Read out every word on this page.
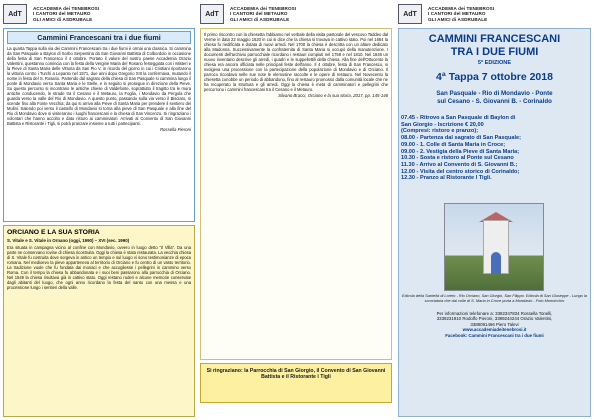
AdT
ACCADEMIA dei TENEBROSI
I CANTORI del METAURO
GLI AMICI di ASDRUBALE
Cammini Francescani tra i due fiumi
La quarta Tappa sulla via dei Cammini Francescani tra i due fiumi è ormai una classica. Si cammina da San Pasquale a Baylon di Sorbo Serpentina da San Giovanni Battista di Colbordolo in occasione della festa di San Francesco il 4 ottobre. Portato il valore del nostro paese Accademia Orazio Valentini, questanno comincia con la festa della Vergine Maria del Rosario festeggiata con i Misteri e la Pieve di Santa Maria delle Vittoria da San Pio V, in ricordo del giorno in cui i Cristiani riportarono la vittoria contro i Turchi a Lepanto nel 1571, due anni dopo Gregorio XIII la confermava, mutando il nome in festa del S. Rosario. Partendo dal sagrato della chiesa di San Pasquale si cammina lungo il ponte di Mondavio verso Santa Maria e le Stelle, e in seguito si prosegue in direzione della Pieve. Su questo percorso si incontrano le antiche chiese di Valdefonte, soprattutto il tragitto tra le mura antiche conducendo, le strade tra il Cesano e il Metauro, la Foglia, i Mondavio da Pergola che guarda verso la valle del Rio di Mondavio. A questo punto, passando sulla via verso il Bisciaro, si scende fino alla Fonte Vecchia; da qui si arriva alla Pieve di Santa Maria per prendere il sentiero dei Mulini. Salendo poi verso il castello di Mondavio si torna alla pieve di San Pasquale e alla fine del Rio di Mondavio dove si visiteranno i luoghi francescani e la chiesa di San Vincenzo. Si ringraziano i volontari che hanno accolto e dato ristoro ai camminatori. Arrivati al Convento di San Giovanni Battista e Ristorante i Tigli, si potrà pranzare insieme a tutti i partecipanti.
Rossella Pieroni
ORCIANO E LA SUA STORIA
S. Vitale e S. Vitale in Ornano (oggi, 1990) – XVI (sec. 1990)
Era situata in campagna vicino al confine con Mondavio, ovvero in luogo detto "Il Villa". Da una parte ne conservano rovine di chiesa ricostruita. Oggi la chiesa è stata restaurata. La vecchia chiesa di S. Vitale fu costruita dove sorgeva in antico un tempio e sul luogo vi sono testimonianze di epoca romana. Nel medioevo la pieve apparteneva al territorio di Orciano e fu centro di un vasto territorio. La tradizione vuole che fu fondata dai monaci e che accogliesse i pellegrini in cammino verso Roma. Con il tempo la chiesa fu abbandonata e i suoi beni passarono alla parrocchia di Orciano. Nel 1549 la chiesa risultava già in cattivo stato. Oggi restano ruderi e alcune memorie conservate dagli abitanti del luogo, che ogni anno ricordano la festa del santo con una messa e una processione lungo i sentieri della valle.
AdT
ACCADEMIA dei TENEBROSI
I CANTORI del METAURO
GLI AMICI di ASDRUBALE
Il primo riscontro con la chiesetta l'abbiamo nel verbale della visita pastorale del vescovo Taddeo dal Verme in data 22 maggio 1620 in cui si dice che la chiesa si trovava in cattivo stato. Poi nel 1664 la chiesa fu riedificata e dotata di nuovi arredi. Nel 1700 la chiesa è descritta con un altare dedicato alla Madonna. Successivamente la confraternita di Santa Maria si occupò della manutenzione. I documenti dell'archivio parrocchiale ricordano i restauri compiuti nel 1758 e nel 1810. Nel 1846 un nuovo inventario descrive gli arredi, i quadri e le suppellettili della chiesa. Alla fine dell'Ottocento la chiesa era ancora officiata nelle principali feste dell'anno. Il 4 ottobre, festa di San Francesco, si svolgeva una processione con la partecipazione della popolazione di Mondavio e di Orciano. Il parroco ricordava nelle sue note le elemosine raccolte e le opere di restauro. Nel Novecento la chiesetta conobbe un periodo di abbandono, fino al restauro promosso dalla comunità locale che ne ha recuperato la struttura e gli arredi. Oggi la chiesa è meta di camminatori e pellegrini che percorrono i cammini francescani tra il Cesano e il Metauro.
Silvano Bracci, Orciano e la sua storia, 2017, pp. 145-146
Si ringraziano: la Parrocchia di San Giorgio, il Convento di San Giovanni Battista e il Ristorante i Tigli
AdT
ACCADEMIA dei TENEBROSI
I CANTORI del METAURO
GLI AMICI di ASDRUBALE
CAMMINI FRANCESCANI
TRA I DUE FIUMI
5ª EDIZIONE
4ª Tappa 7 ottobre 2018
San Pasquale - Rio di Mondavio - Ponte
sul Cesano - S. Giovanni B. - Corinaldo
07.45 - Ritrovo a San Pasquale di Baylon di
San Giorgio - Iscrizione € 20,00
(Compresi: ristoro e pranzo);
08.00 - Partenza dal sagrato di San Pasquale;
09.00 - 1. Colle di Santa Maria in Croce;
09.00 - 2. Vestigia della Pieve di Santa Maria;
10.30 - Sosta e ristoro al Ponte sul Cesano
11.30 - Arrivo al Convento di S. Giovanni B.;
12.00 - Visita del centro storico di Corinaldo;
12.30 - Pranzo al Ristorante I Tigli.
Edicola della Santella di Loreto - Rio Orciano, San Giorgio, San Filippo. Edicola di San Giuseppe - Lungo la scorciatoia che dal colle di S. Maria in Croce porta a Mondavio - Foto Monnicchio
Per informazioni telefonare a: 3382347834 Rossella Tonelli,
3339231910 Rodolfo Pieroni, 3389244244 Orazio Valentini,
3388091466 Piero Talevi
www.accademiadeitenebrosi.it
Facebook: Cammini Francescani tra i due fiumi
